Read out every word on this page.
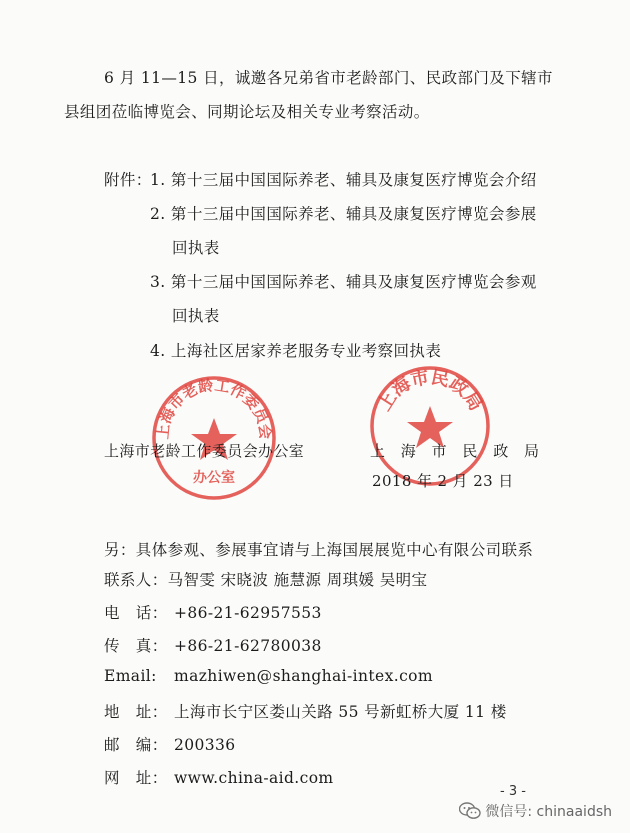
6 月 11—15 日，诚邀各兄弟省市老龄部门、民政部门及下辖市
县组团莅临博览会、同期论坛及相关专业考察活动。
附件：
1. 第十三届中国国际养老、辅具及康复医疗博览会介绍
2. 第十三届中国国际养老、辅具及康复医疗博览会参展
回执表
3. 第十三届中国国际养老、辅具及康复医疗博览会参观
回执表
4. 上海社区居家养老服务专业考察回执表
上海市老龄工作委员会
办公室
上海市民政局
上海市老龄工作委员会办公室	上　海　市　民　政　局
2018 年 2 月 23 日
另：具体参观、参展事宜请与上海国展展览中心有限公司联系
联系人：马智雯 宋晓波 施慧源 周琪媛 吴明宝
电　话： +86-21-62957553
传　真： +86-21-62780038
Email: mazhiwen@shanghai-intex.com
地　址： 上海市长宁区娄山关路 55 号新虹桥大厦 11 楼
邮　编： 200336
网　址： www.china-aid.com
- 3 -
微信号: chinaaidsh
